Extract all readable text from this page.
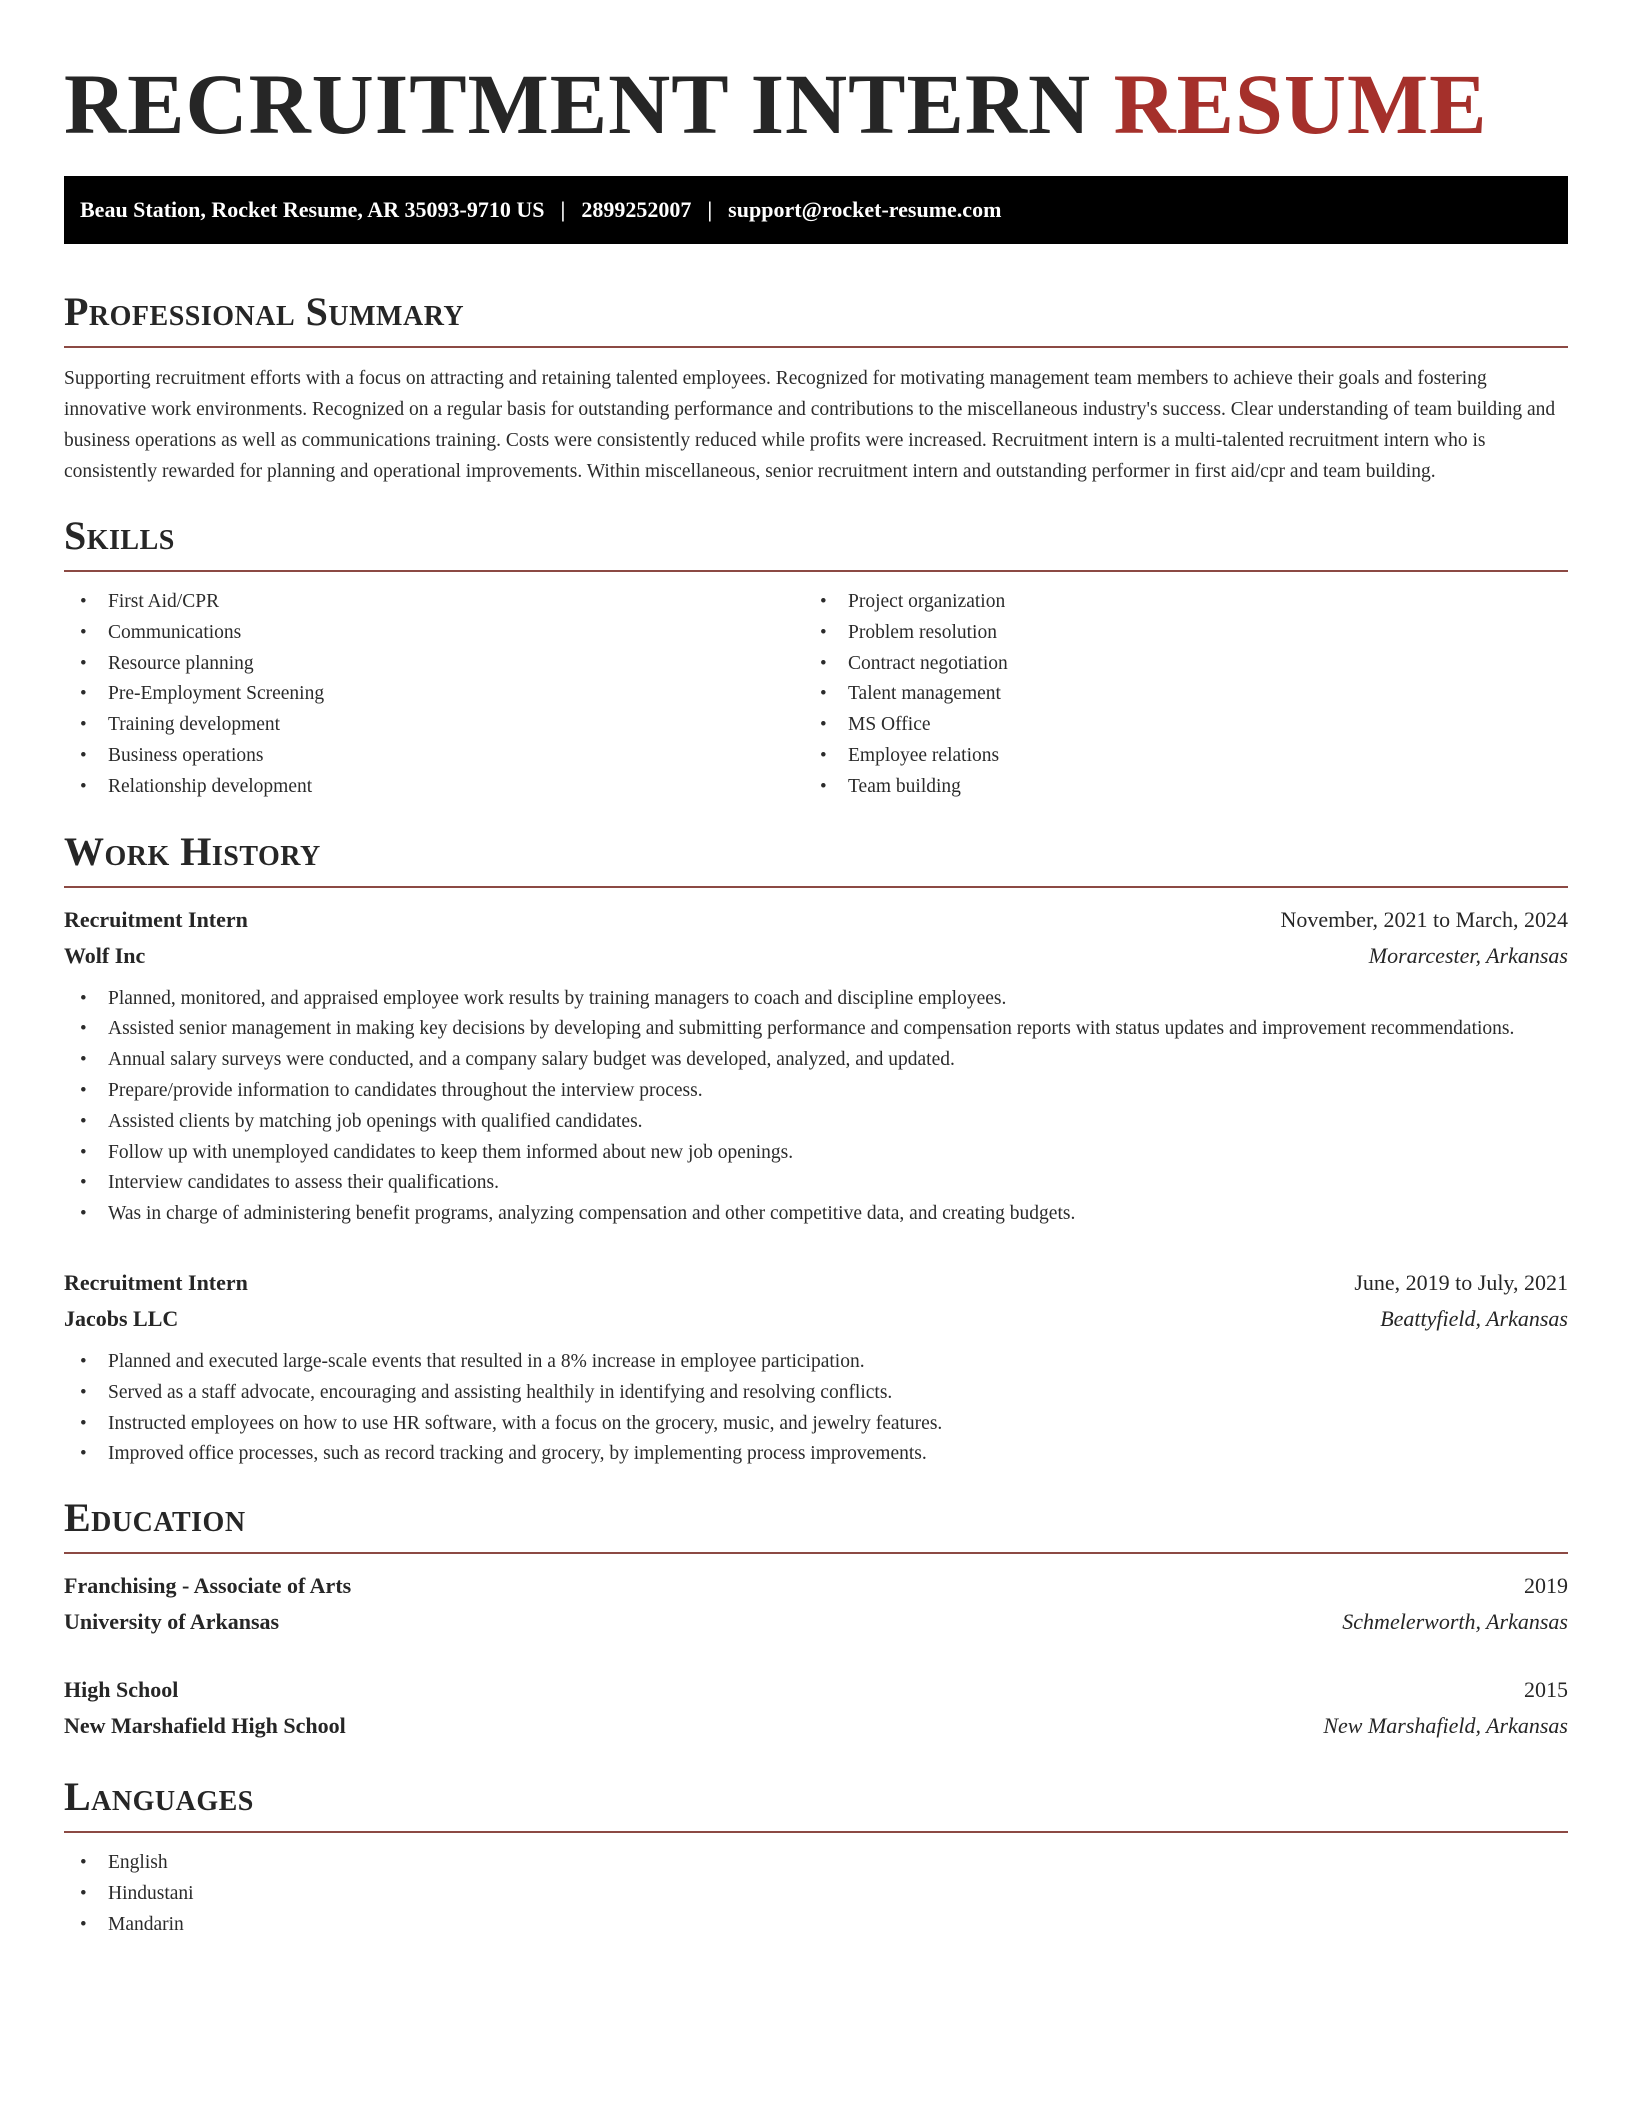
RECRUITMENT INTERN RESUME
Beau Station, Rocket Resume, AR 35093-9710 US | 2899252007 | support@rocket-resume.com
Professional Summary

Supporting recruitment efforts with a focus on attracting and retaining talented employees. Recognized for motivating management team members to achieve their goals and fostering innovative work environments. Recognized on a regular basis for outstanding performance and contributions to the miscellaneous industry's success. Clear understanding of team building and business operations as well as communications training. Costs were consistently reduced while profits were increased. Recruitment intern is a multi-talented recruitment intern who is consistently rewarded for planning and operational improvements. Within miscellaneous, senior recruitment intern and outstanding performer in first aid/cpr and team building.

Skills
• First Aid/CPR
• Communications
• Resource planning
• Pre-Employment Screening
• Training development
• Business operations
• Relationship development
• Project organization
• Problem resolution
• Contract negotiation
• Talent management
• MS Office
• Employee relations
• Team building
Work History
Recruitment Intern	November, 2021 to March, 2024
Wolf Inc	Morarcester, Arkansas
• Planned, monitored, and appraised employee work results by training managers to coach and discipline employees.
• Assisted senior management in making key decisions by developing and submitting performance and compensation reports with status updates and improvement recommendations.
• Annual salary surveys were conducted, and a company salary budget was developed, analyzed, and updated.
• Prepare/provide information to candidates throughout the interview process.
• Assisted clients by matching job openings with qualified candidates.
• Follow up with unemployed candidates to keep them informed about new job openings.
• Interview candidates to assess their qualifications.
• Was in charge of administering benefit programs, analyzing compensation and other competitive data, and creating budgets.
Recruitment Intern	June, 2019 to July, 2021
Jacobs LLC	Beattyfield, Arkansas
• Planned and executed large-scale events that resulted in a 8% increase in employee participation.
• Served as a staff advocate, encouraging and assisting healthily in identifying and resolving conflicts.
• Instructed employees on how to use HR software, with a focus on the grocery, music, and jewelry features.
• Improved office processes, such as record tracking and grocery, by implementing process improvements.
Education
Franchising - Associate of Arts	2019
University of Arkansas	Schmelerworth, Arkansas
High School	2015
New Marshafield High School	New Marshafield, Arkansas
Languages
• English
• Hindustani
• Mandarin
